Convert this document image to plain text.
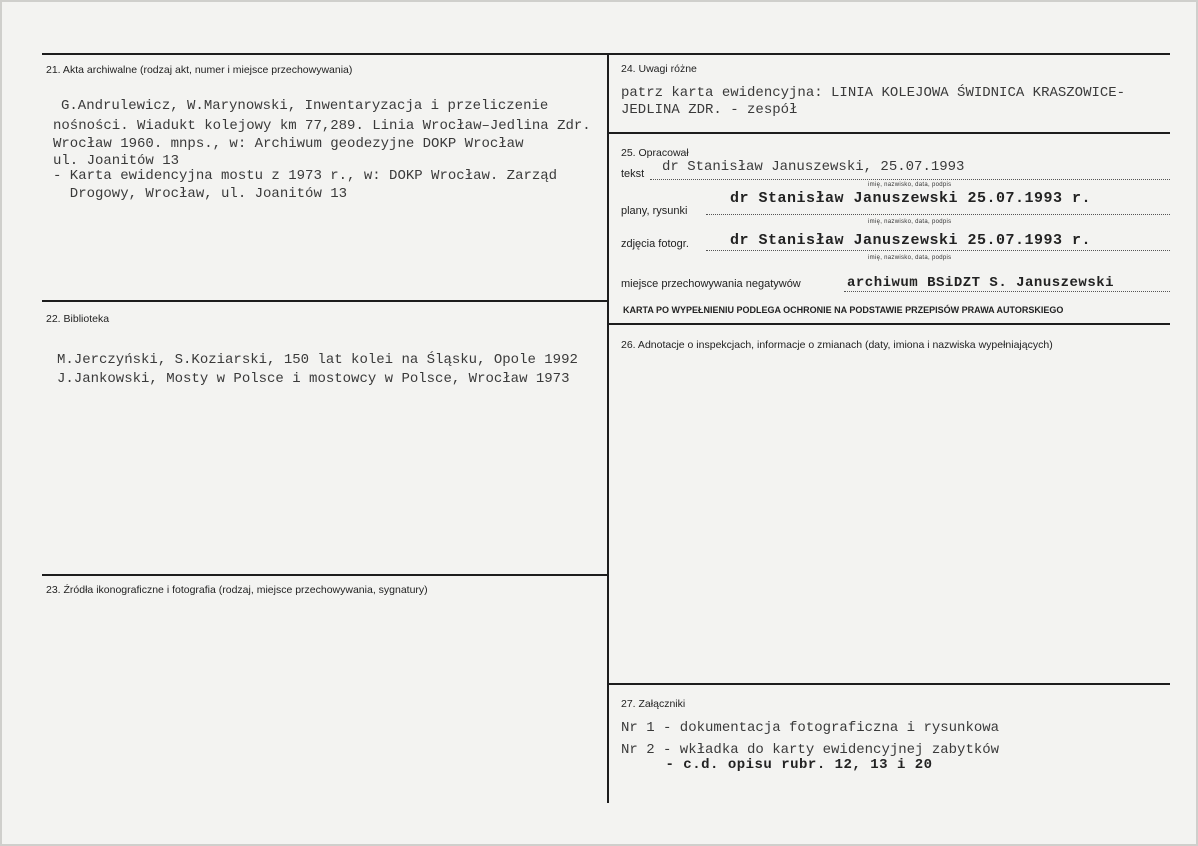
21. Akta archiwalne (rodzaj akt, numer i miejsce przechowywania)
G.Andrulewicz, W.Marynowski, Inwentaryzacja i przeliczenie
nośności. Wiadukt kolejowy km 77,289. Linia Wrocław–Jedlina Zdr.
Wrocław 1960. mnps., w: Archiwum geodezyjne DOKP Wrocław
ul. Joanitów 13
- Karta ewidencyjna mostu z 1973 r., w: DOKP Wrocław. Zarząd
Drogowy, Wrocław, ul. Joanitów 13
22. Biblioteka
M.Jerczyński, S.Koziarski, 150 lat kolei na Śląsku, Opole 1992
J.Jankowski, Mosty w Polsce i mostowcy w Polsce, Wrocław 1973
23. Źródła ikonograficzne i fotografia (rodzaj, miejsce przechowywania, sygnatury)
24. Uwagi różne
patrz karta ewidencyjna: LINIA KOLEJOWA ŚWIDNICA KRASZOWICE-
JEDLINA ZDR. - zespół
25. Opracował
tekst dr Stanisław Januszewski, 25.07.1993
imię, nazwisko, data, podpis
plany, rysunki
dr Stanisław Januszewski 25.07.1993 r.
imię, nazwisko, data, podpis
zdjęcia fotogr.	dr Stanisław Januszewski 25.07.1993 r.
imię, nazwisko, data, podpis
miejsce przechowywania negatywów	archiwum BSiDZT S. Januszewski
KARTA PO WYPEŁNIENIU PODLEGA OCHRONIE NA PODSTAWIE PRZEPISÓW PRAWA AUTORSKIEGO
26. Adnotacje o inspekcjach, informacje o zmianach (daty, imiona i nazwiska wypełniających)
27. Załączniki
Nr 1 - dokumentacja fotograficzna i rysunkowa
Nr 2 - wkładka do karty ewidencyjnej zabytków
- c.d. opisu rubr. 12, 13 i 20
